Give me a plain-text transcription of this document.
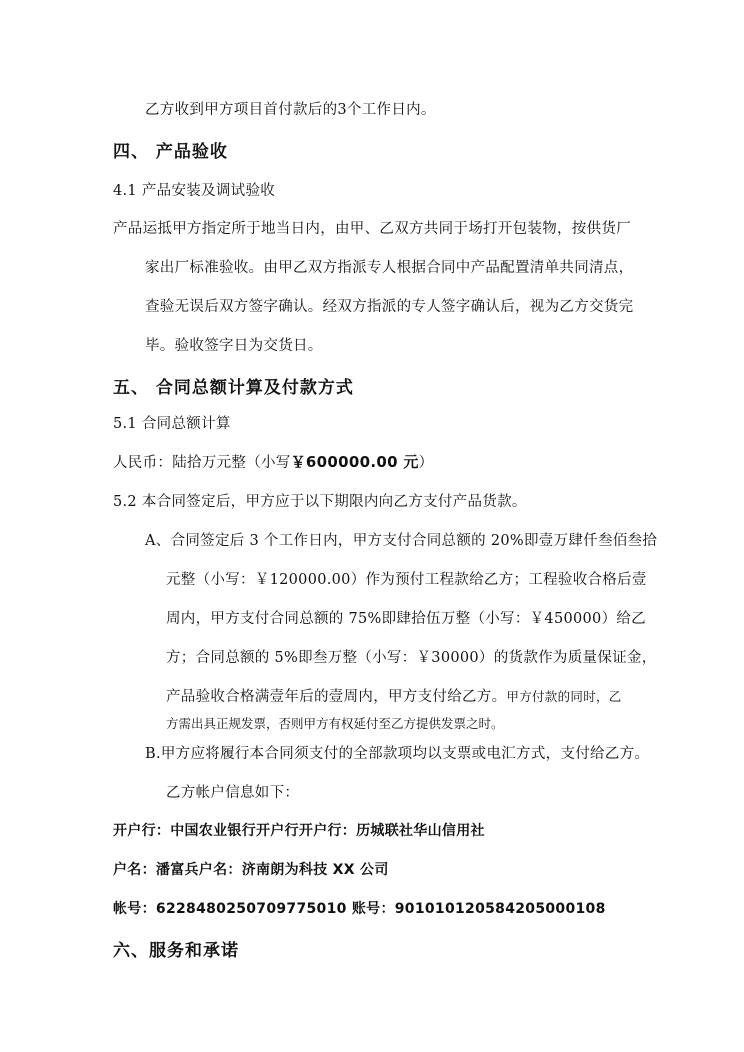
乙方收到甲方项目首付款后的3个工作日内。
四、 产品验收
4.1 产品安装及调试验收
产品运抵甲方指定所于地当日内，由甲、乙双方共同于场打开包装物，按供货厂
家出厂标准验收。由甲乙双方指派专人根据合同中产品配置清单共同清点，
查验无误后双方签字确认。经双方指派的专人签字确认后，视为乙方交货完
毕。验收签字日为交货日。
五、 合同总额计算及付款方式
5.1 合同总额计算
人民币：陆拾万元整（小写￥600000.00 元）
5.2 本合同签定后，甲方应于以下期限内向乙方支付产品货款。
A、合同签定后 3 个工作日内，甲方支付合同总额的 20%即壹万肆仟叁佰叁拾
元整（小写：￥120000.00）作为预付工程款给乙方；工程验收合格后壹
周内，甲方支付合同总额的 75%即肆拾伍万整（小写：￥450000）给乙
方；合同总额的 5%即叁万整（小写：￥30000）的货款作为质量保证金，
产品验收合格满壹年后的壹周内，甲方支付给乙方。甲方付款的同时，乙
方需出具正规发票，否则甲方有权延付至乙方提供发票之时。
B.甲方应将履行本合同须支付的全部款项均以支票或电汇方式，支付给乙方。
乙方帐户信息如下：
开户行：中国农业银行开户行开户行：历城联社华山信用社
户名：潘富兵户名：济南朗为科技 XX 公司
帐号：6228480250709775010 账号：9010101205842050001​08
六、服务和承诺
